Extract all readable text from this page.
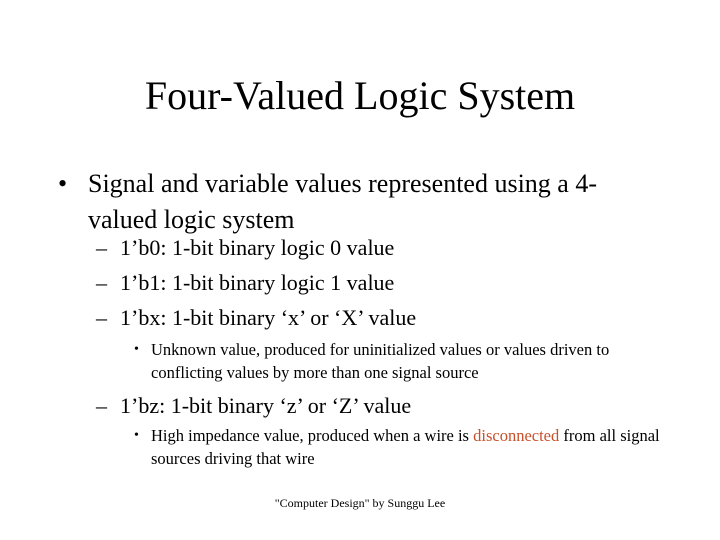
Four-Valued Logic System
• Signal and variable values represented using a 4-valued logic system
– 1’b0: 1-bit binary logic 0 value
– 1’b1: 1-bit binary logic 1 value
– 1’bx: 1-bit binary ‘x’ or ‘X’ value
• Unknown value, produced for uninitialized values or values driven to conflicting values by more than one signal source
– 1’bz: 1-bit binary ‘z’ or ‘Z’ value
• High impedance value, produced when a wire is disconnected from all signal sources driving that wire
"Computer Design" by Sunggu Lee
